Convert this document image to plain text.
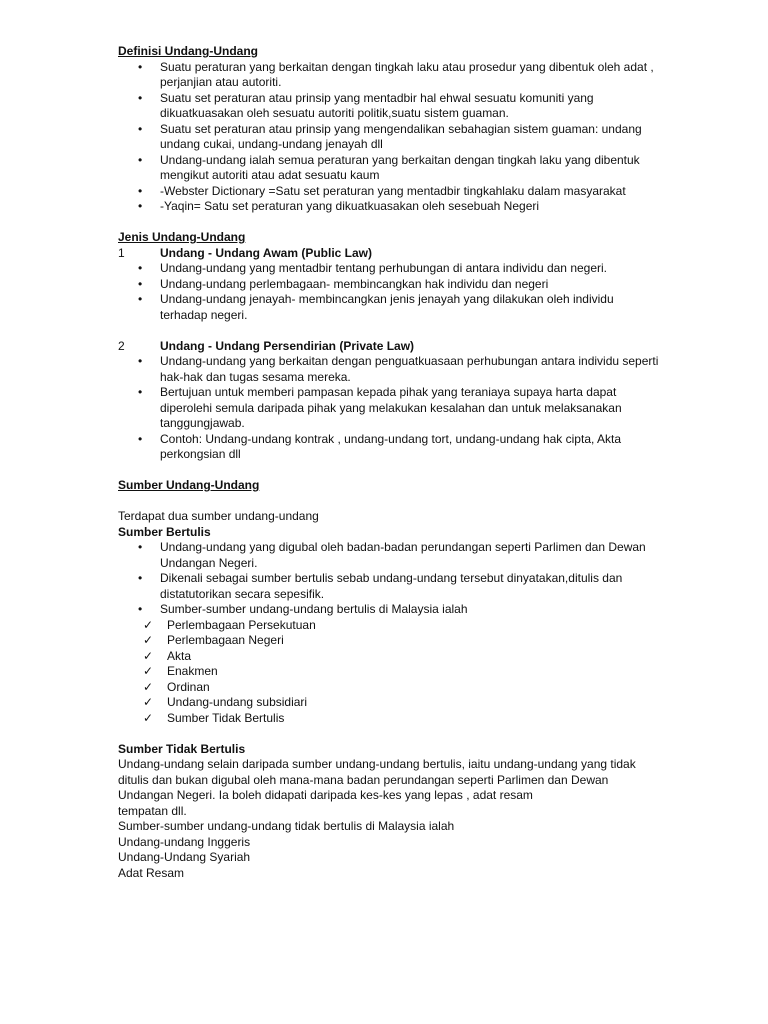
Definisi Undang-Undang
• Suatu peraturan yang berkaitan dengan tingkah laku atau prosedur yang dibentuk oleh adat , perjanjian atau autoriti.
• Suatu set peraturan atau prinsip yang mentadbir hal ehwal sesuatu komuniti yang dikuatkuasakan oleh sesuatu autoriti politik,suatu sistem guaman.
• Suatu set peraturan atau prinsip yang mengendalikan sebahagian sistem guaman: undang undang cukai, undang-undang jenayah dll
• Undang-undang ialah semua peraturan yang berkaitan dengan tingkah laku yang dibentuk mengikut autoriti atau adat sesuatu kaum
• -Webster Dictionary =Satu set peraturan yang mentadbir tingkahlaku dalam masyarakat
• -Yaqin= Satu set peraturan yang dikuatkuasakan oleh sesebuah Negeri
Jenis Undang-Undang
1	Undang - Undang Awam (Public Law)
• Undang-undang yang mentadbir tentang perhubungan di antara individu dan negeri.
• Undang-undang perlembagaan- membincangkan hak individu dan negeri
• Undang-undang jenayah- membincangkan jenis jenayah yang dilakukan oleh individu terhadap negeri.
2	Undang - Undang Persendirian (Private Law)
• Undang-undang yang berkaitan dengan penguatkuasaan perhubungan antara individu seperti hak-hak dan tugas sesama mereka.
• Bertujuan untuk memberi pampasan kepada pihak yang teraniaya supaya harta dapat diperolehi semula daripada pihak yang melakukan kesalahan dan untuk melaksanakan tanggungjawab.
• Contoh: Undang-undang kontrak , undang-undang tort, undang-undang hak cipta, Akta perkongsian dll
Sumber Undang-Undang
Terdapat dua sumber undang-undang
Sumber Bertulis
• Undang-undang yang digubal oleh badan-badan perundangan seperti Parlimen dan Dewan Undangan Negeri.
• Dikenali sebagai sumber bertulis sebab undang-undang tersebut dinyatakan,ditulis dan distatutorikan secara sepesifik.
• Sumber-sumber undang-undang bertulis di Malaysia ialah
✓ Perlembagaan Persekutuan
✓ Perlembagaan Negeri
✓ Akta
✓ Enakmen
✓ Ordinan
✓ Undang-undang subsidiari
✓ Sumber Tidak Bertulis
Sumber Tidak Bertulis
Undang-undang selain daripada sumber undang-undang bertulis, iaitu undang-undang yang tidak
ditulis dan bukan digubal oleh mana-mana badan perundangan seperti Parlimen dan Dewan
Undangan Negeri. Ia boleh didapati daripada kes-kes yang lepas , adat resam
tempatan dll.
Sumber-sumber undang-undang tidak bertulis di Malaysia ialah
Undang-undang Inggeris
Undang-Undang Syariah
Adat Resam
